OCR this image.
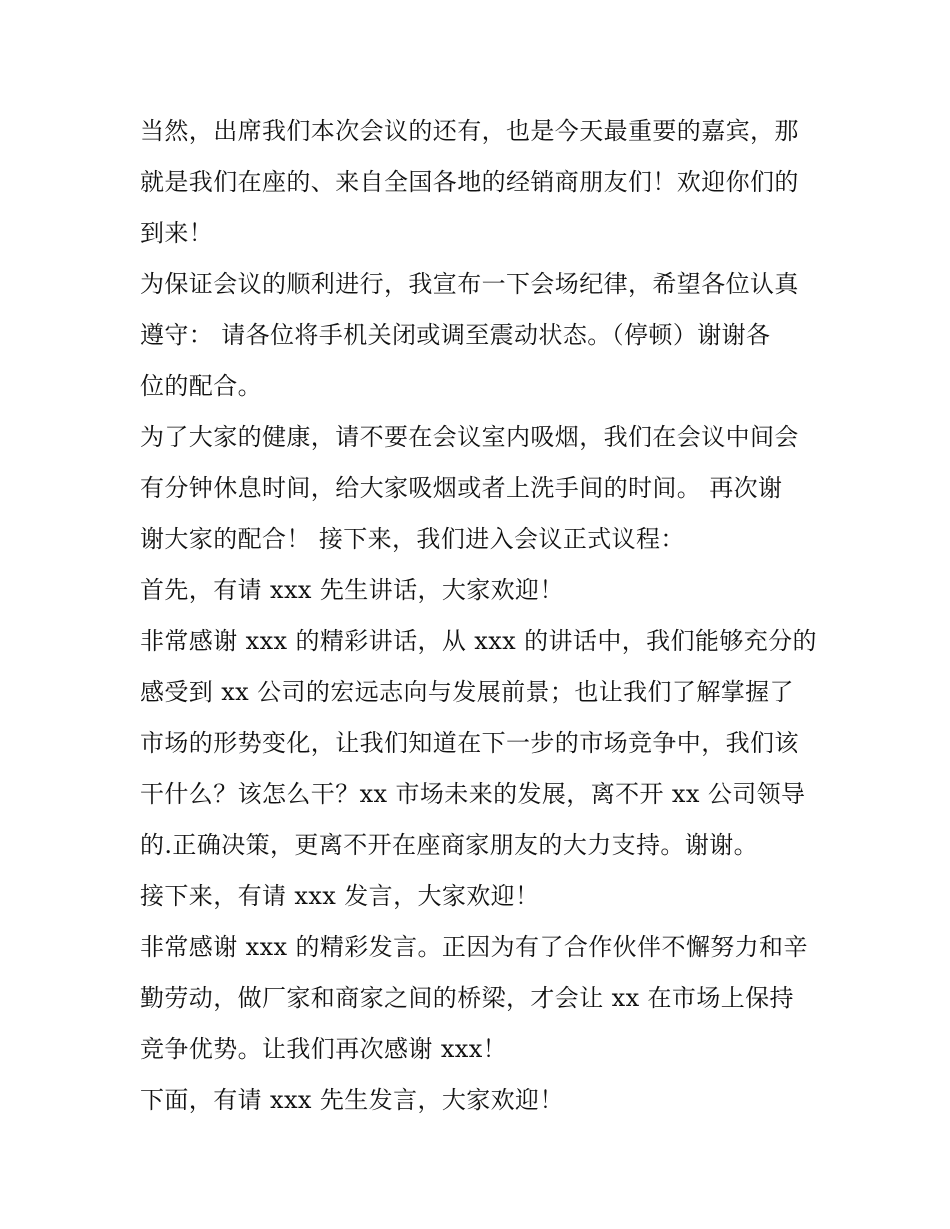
当然，出席我们本次会议的还有，也是今天最重要的嘉宾，那
就是我们在座的、来自全国各地的经销商朋友们！欢迎你们的
到来！

为保证会议的顺利进行，我宣布一下会场纪律，希望各位认真
遵守： 请各位将手机关闭或调至震动状态。（停顿）谢谢各
位的配合。

为了大家的健康，请不要在会议室内吸烟，我们在会议中间会
有分钟休息时间，给大家吸烟或者上洗手间的时间。 再次谢
谢大家的配合！ 接下来，我们进入会议正式议程：

首先，有请 xxx 先生讲话，大家欢迎！

非常感谢 xxx 的精彩讲话，从 xxx 的讲话中，我们能够充分的
感受到 xx 公司的宏远志向与发展前景；也让我们了解掌握了
市场的形势变化，让我们知道在下一步的市场竞争中，我们该
干什么？该怎么干？xx 市场未来的发展，离不开 xx 公司领导
的.正确决策，更离不开在座商家朋友的大力支持。谢谢。

接下来，有请 xxx 发言，大家欢迎！

非常感谢 xxx 的精彩发言。正因为有了合作伙伴不懈努力和辛
勤劳动，做厂家和商家之间的桥梁，才会让 xx 在市场上保持
竞争优势。让我们再次感谢 xxx！

下面，有请 xxx 先生发言，大家欢迎！
